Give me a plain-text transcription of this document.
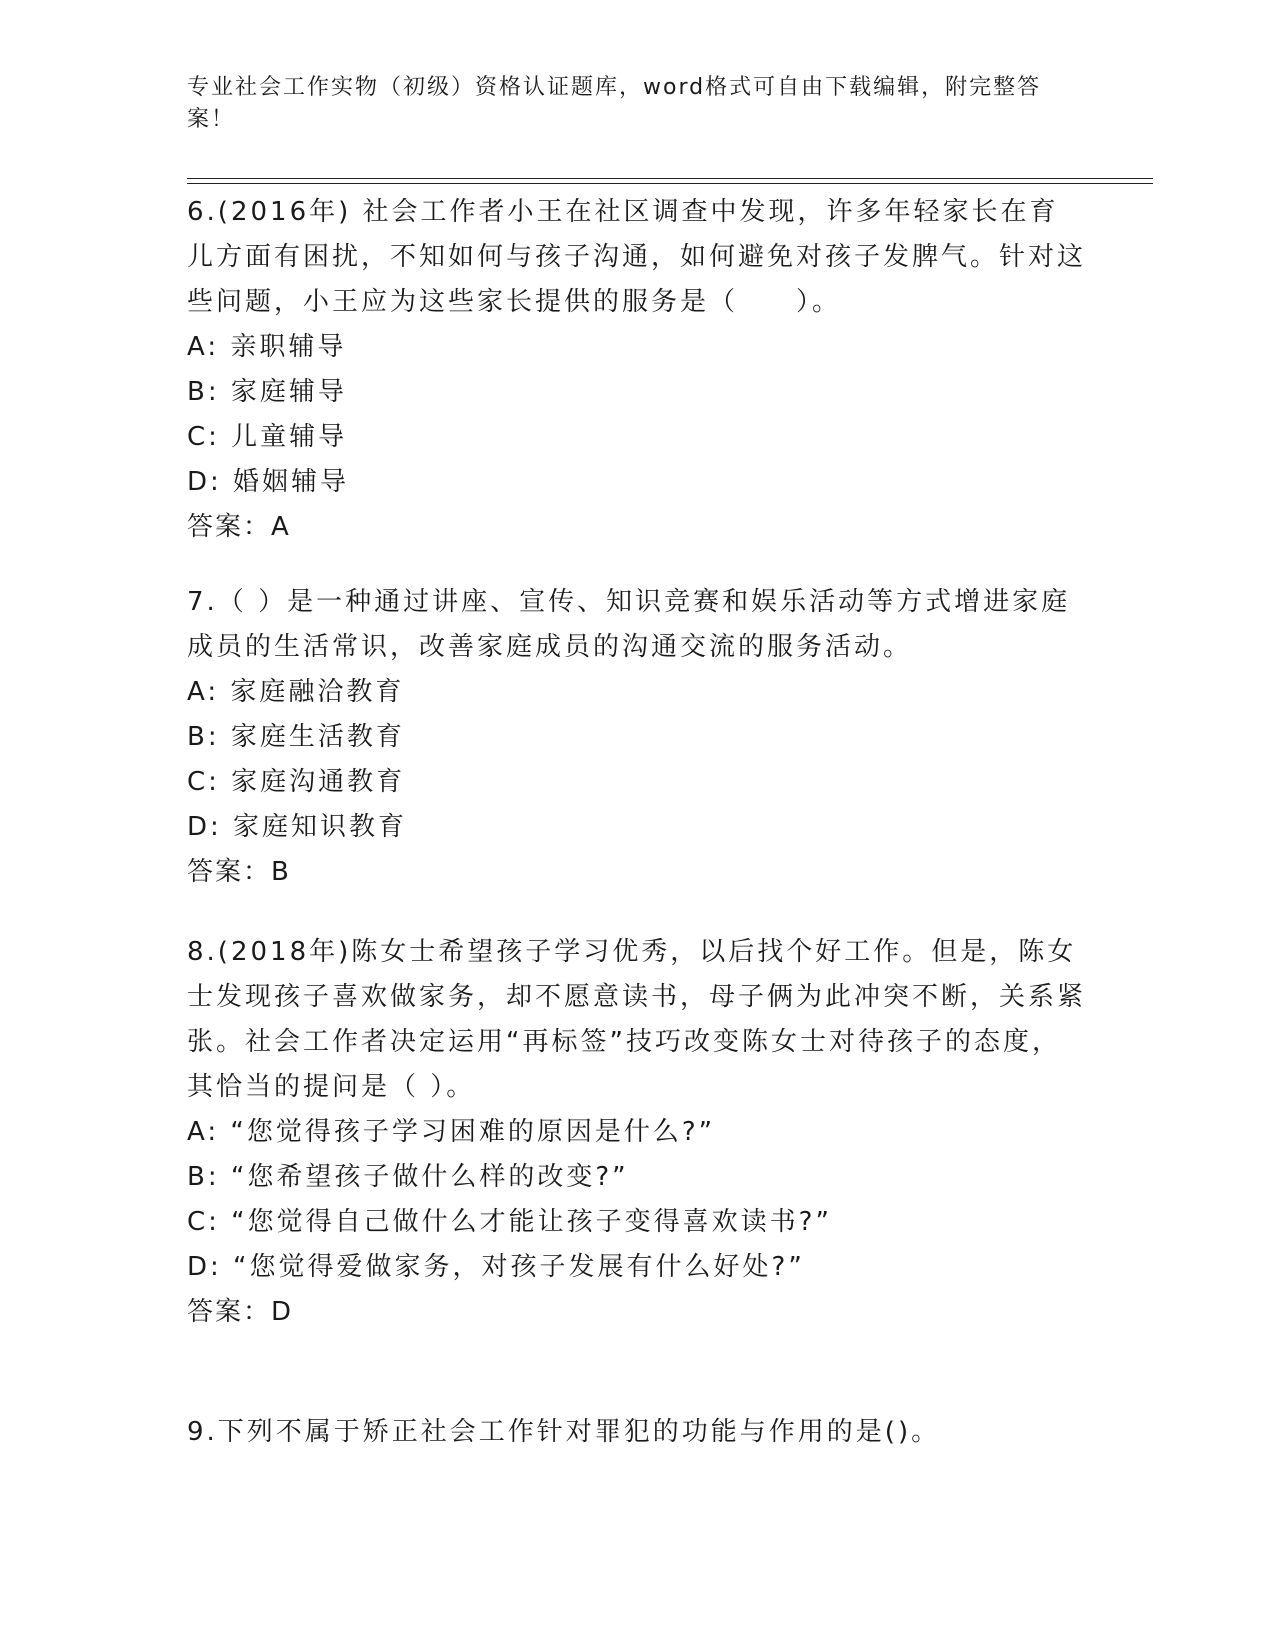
专业社会工作实物（初级）资格认证题库，word格式可自由下载编辑，附完整答案！

6.(2016年) 社会工作者小王在社区调查中发现，许多年轻家长在育儿方面有困扰，不知如何与孩子沟通，如何避免对孩子发脾气。针对这些问题，小王应为这些家长提供的服务是（　　）。

A: 亲职辅导

B: 家庭辅导

C: 儿童辅导

D: 婚姻辅导

答案：A

7.（ ）是一种通过讲座、宣传、知识竞赛和娱乐活动等方式增进家庭成员的生活常识，改善家庭成员的沟通交流的服务活动。

A: 家庭融洽教育

B: 家庭生活教育

C: 家庭沟通教育

D: 家庭知识教育

答案：B

8.(2018年)陈女士希望孩子学习优秀，以后找个好工作。但是，陈女士发现孩子喜欢做家务，却不愿意读书，母子俩为此冲突不断，关系紧张。社会工作者决定运用“再标签”技巧改变陈女士对待孩子的态度，其恰当的提问是（ ）。

A: “您觉得孩子学习困难的原因是什么?”

B: “您希望孩子做什么样的改变?”

C: “您觉得自己做什么才能让孩子变得喜欢读书?”

D: “您觉得爱做家务，对孩子发展有什么好处?”

答案：D

9.下列不属于矫正社会工作针对罪犯的功能与作用的是()。
